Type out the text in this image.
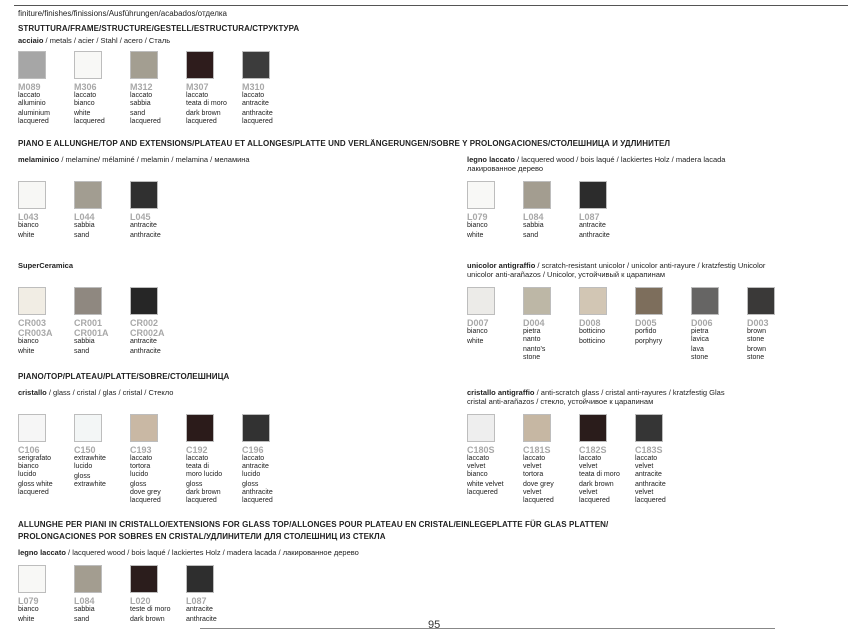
finiture/finishes/finissions/Ausführungen/acabados/отделка
STRUTTURA/FRAME/STRUCTURE/GESTELL/ESTRUCTURA/СТРУКТУРА
acciaio / metals / acier / Stahl / acero / Сталь
M089
laccato
alluminio
aluminium
lacquered
M306
laccato
bianco
white
lacquered
M312
laccato
sabbia
sand
lacquered
M307
laccato
teata di moro
dark brown
lacquered
M310
laccato
antracite
anthracite
lacquered
PIANO E ALLUNGHE/TOP AND EXTENSIONS/PLATEAU ET ALLONGES/PLATTE UND VERLÄNGERUNGEN/SOBRE Y PROLONGACIONES/СТОЛЕШНИЦА И УДЛИНИТЕЛ
melaminico / melamine/ mélaminé / melamin / melamina / меламина
L043
bianco
white
L044
sabbia
sand
L045
antracite
anthracite
legno laccato / lacquered wood / bois laqué / lackiertes Holz / madera lacada
лакированное дерево
L079
bianco
white
L084
sabbia
sand
L087
antracite
anthracite
SuperCeramica
CR003
CR003A
bianco
white
CR001
CR001A
sabbia
sand
CR002
CR002A
antracite
anthracite
unicolor antigraffio / scratch-resistant unicolor / unicolor anti-rayure / kratzfestig Unicolor
unicolor anti-arañazos / Unicolor, устойчивый к царапинам
D007
bianco
white
D004
pietra
nanto
nanto's
stone
D008
botticino
botticino
D005
porfido
porphyry
D006
pietra
lavica
lava
stone
D003
brown
stone
brown
stone
PIANO/TOP/PLATEAU/PLATTE/SOBRE/СТОЛЕШНИЦА
cristallo / glass / cristal / glas / cristal / Стекло
C106
serigrafato
bianco
lucido
gloss white
lacquered
C150
extrawhite
lucido
gloss
extrawhite
C193
laccato
tortora
lucido
gloss
dove grey
lacquered
C192
laccato
teata di
moro lucido
gloss
dark brown
lacquered
C196
laccato
antracite
lucido
gloss
anthracite
lacquered
cristallo antigraffio / anti-scratch glass / cristal anti-rayures / kratzfestig Glas
cristal anti-arañazos / стекло, устойчивое к царапинам
C180S
laccato
velvet
bianco
white velvet
lacquered
C181S
laccato
velvet
tortora
dove grey
velvet
lacquered
C182S
laccato
velvet
teata di moro
dark brown
velvet
lacquered
C183S
laccato
velvet
antracite
anthracite
velvet
lacquered
ALLUNGHE PER PIANI IN CRISTALLO/EXTENSIONS FOR GLASS TOP/ALLONGES POUR PLATEAU EN CRISTAL/EINLEGEPLATTE FÜR GLAS PLATTEN/
PROLONGACIONES POR SOBRES EN CRISTAL/УДЛИНИТЕЛИ ДЛЯ СТОЛЕШНИЦ ИЗ СТЕКЛА
legno laccato / lacquered wood / bois laqué / lackiertes Holz / madera lacada / лакированное дерево
L079
bianco
white
L084
sabbia
sand
L020
teste di moro
dark brown
L087
antracite
anthracite	95
